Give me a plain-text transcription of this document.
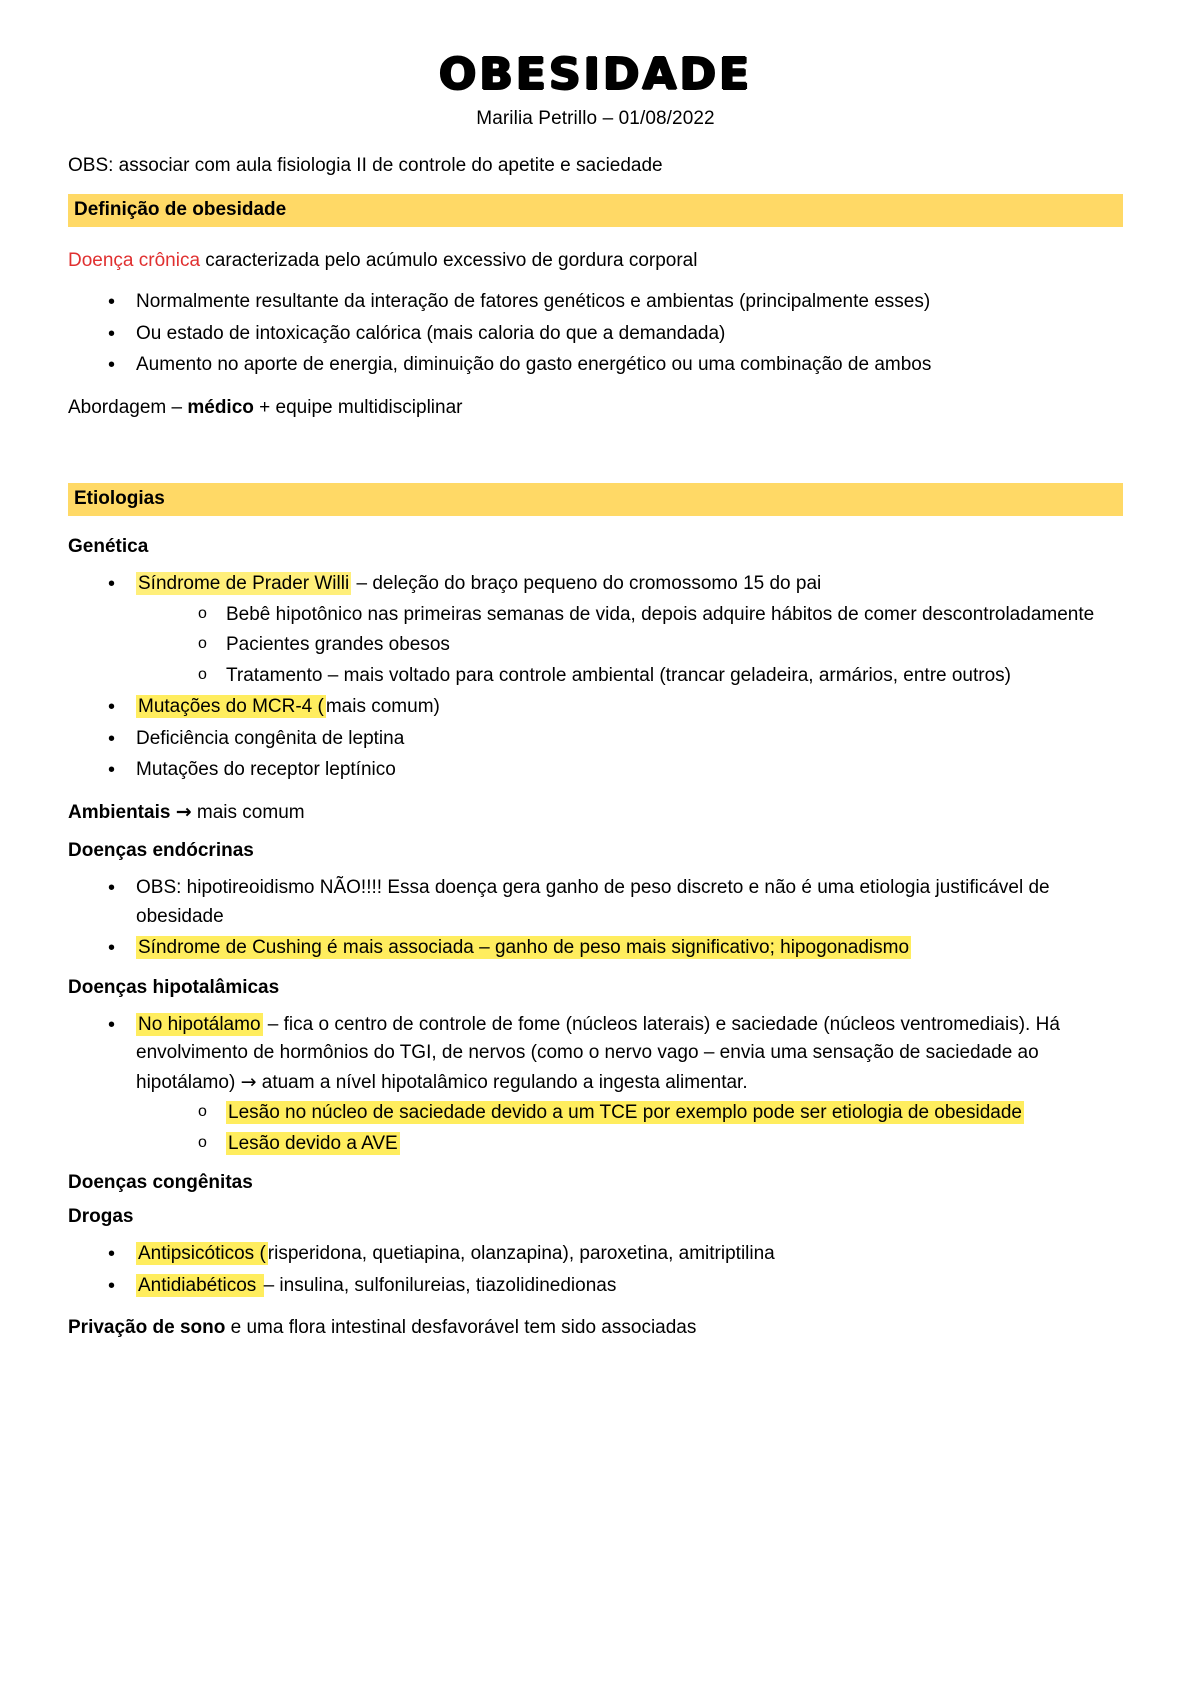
OBESIDADE
Marilia Petrillo – 01/08/2022

OBS: associar com aula fisiologia II de controle do apetite e saciedade

Definição de obesidade

Doença crônica caracterizada pelo acúmulo excessivo de gordura corporal

• Normalmente resultante da interação de fatores genéticos e ambientas (principalmente esses)
• Ou estado de intoxicação calórica (mais caloria do que a demandada)
• Aumento no aporte de energia, diminuição do gasto energético ou uma combinação de ambos

Abordagem – médico + equipe multidisciplinar

Etiologias
Genética
• Síndrome de Prader Willi – deleção do braço pequeno do cromossomo 15 do pai
o Bebê hipotônico nas primeiras semanas de vida, depois adquire hábitos de comer descontroladamente
o Pacientes grandes obesos
o Tratamento – mais voltado para controle ambiental (trancar geladeira, armários, entre outros)
• Mutações do MCR-4 ( mais comum)
• Deficiência congênita de leptina
• Mutações do receptor leptínico

Ambientais → mais comum

Doenças endócrinas
• OBS: hipotireoidismo NÃO!!!! Essa doença gera ganho de peso discreto e não é uma etiologia justificável de obesidade
• Síndrome de Cushing é mais associada – ganho de peso mais significativo; hipogonadismo
Doenças hipotalâmicas
• No hipotálamo – fica o centro de controle de fome (núcleos laterais) e saciedade (núcleos ventromediais). Há envolvimento de hormônios do TGI, de nervos (como o nervo vago – envia uma sensação de saciedade ao hipotálamo) → atuam a nível hipotalâmico regulando a ingesta alimentar.
o Lesão no núcleo de saciedade devido a um TCE por exemplo pode ser etiologia de obesidade
o Lesão devido a AVE
Doenças congênitas
Drogas
• Antipsicóticos ( risperidona, quetiapina, olanzapina), paroxetina, amitriptilina
• Antidiabéticos – insulina, sulfonilureias, tiazolidinedionas

Privação de sono e uma flora intestinal desfavorável tem sido associadas
